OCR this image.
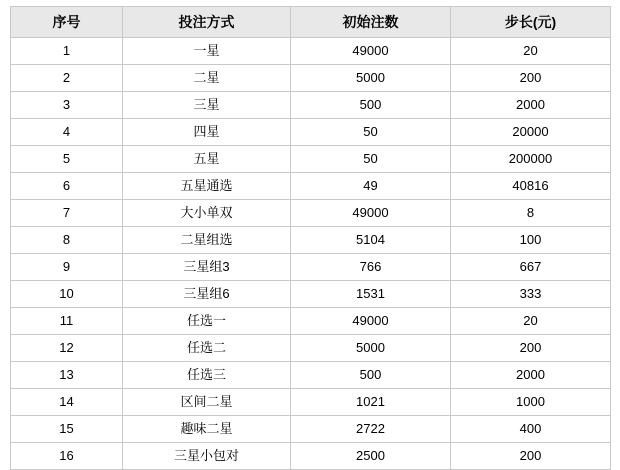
序号	投注方式	初始注数	步长(元)
1	一星	49000	20
2	二星	5000	200
3	三星	500	2000
4	四星	50	20000
5	五星	50	200000
6	五星通选	49	40816
7	大小单双	49000	8
8	二星组选	5104	100
9	三星组3	766	667
10	三星组6	1531	333
11	任选一	49000	20
12	任选二	5000	200
13	任选三	500	2000
14	区间二星	1021	1000
15	趣味二星	2722	400
16	三星小包对	2500	200
